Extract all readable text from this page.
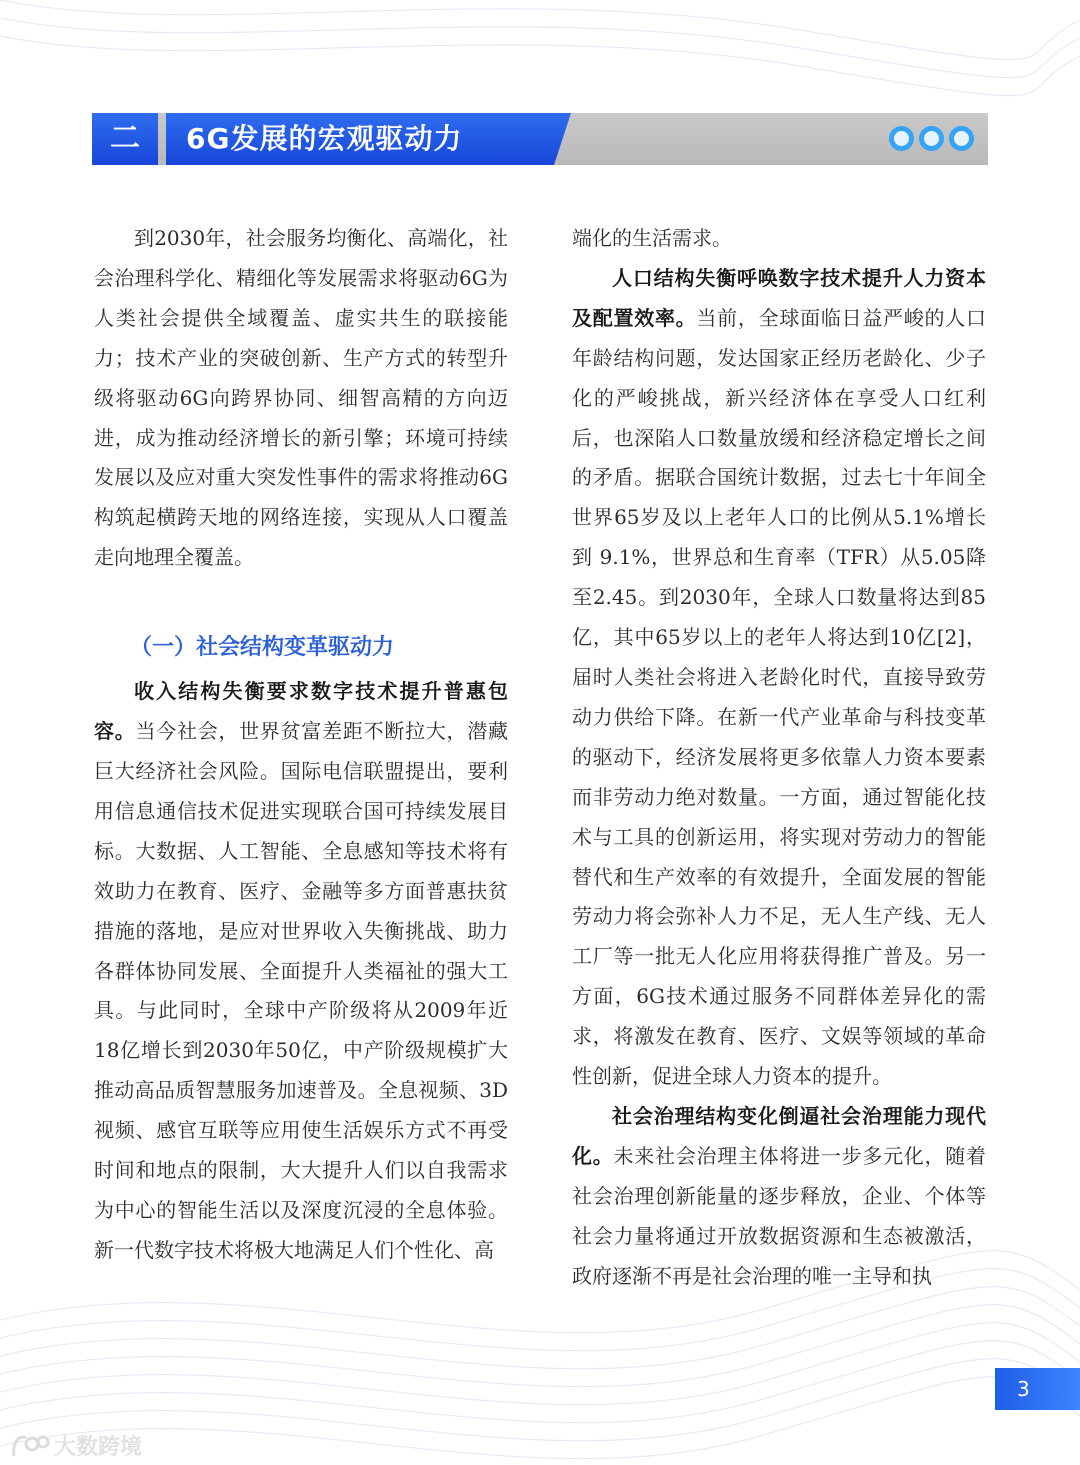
二	6G发展的宏观驱动力

到2030年，社会服务均衡化、高端化，社会治理科学化、精细化等发展需求将驱动6G为人类社会提供全域覆盖、虚实共生的联接能力；技术产业的突破创新、生产方式的转型升级将驱动6G向跨界协同、细智高精的方向迈进，成为推动经济增长的新引擎；环境可持续发展以及应对重大突发性事件的需求将推动6G构筑起横跨天地的网络连接，实现从人口覆盖走向地理全覆盖。

（一）社会结构变革驱动力

收入结构失衡要求数字技术提升普惠包容。当今社会，世界贫富差距不断拉大，潜藏巨大经济社会风险。国际电信联盟提出，要利用信息通信技术促进实现联合国可持续发展目标。大数据、人工智能、全息感知等技术将有效助力在教育、医疗、金融等多方面普惠扶贫措施的落地，是应对世界收入失衡挑战、助力各群体协同发展、全面提升人类福祉的强大工具。与此同时，全球中产阶级将从2009年近18亿增长到2030年50亿，中产阶级规模扩大推动高品质智慧服务加速普及。全息视频、3D视频、感官互联等应用使生活娱乐方式不再受时间和地点的限制，大大提升人们以自我需求为中心的智能生活以及深度沉浸的全息体验。新一代数字技术将极大地满足人们个性化、高

端化的生活需求。

人口结构失衡呼唤数字技术提升人力资本及配置效率。当前，全球面临日益严峻的人口年龄结构问题，发达国家正经历老龄化、少子化的严峻挑战，新兴经济体在享受人口红利后，也深陷人口数量放缓和经济稳定增长之间的矛盾。据联合国统计数据，过去七十年间全世界65岁及以上老年人口的比例从5.1%增长到 9.1%，世界总和生育率（TFR）从5.05降至2.45。到2030年，全球人口数量将达到85亿，其中65岁以上的老年人将达到10亿[2]，届时人类社会将进入老龄化时代，直接导致劳动力供给下降。在新一代产业革命与科技变革的驱动下，经济发展将更多依靠人力资本要素而非劳动力绝对数量。一方面，通过智能化技术与工具的创新运用，将实现对劳动力的智能替代和生产效率的有效提升，全面发展的智能劳动力将会弥补人力不足，无人生产线、无人工厂等一批无人化应用将获得推广普及。另一方面，6G技术通过服务不同群体差异化的需求，将激发在教育、医疗、文娱等领域的革命性创新，促进全球人力资本的提升。

社会治理结构变化倒逼社会治理能力现代化。未来社会治理主体将进一步多元化，随着社会治理创新能量的逐步释放，企业、个体等社会力量将通过开放数据资源和生态被激活，政府逐渐不再是社会治理的唯一主导和执

3
大数跨境
